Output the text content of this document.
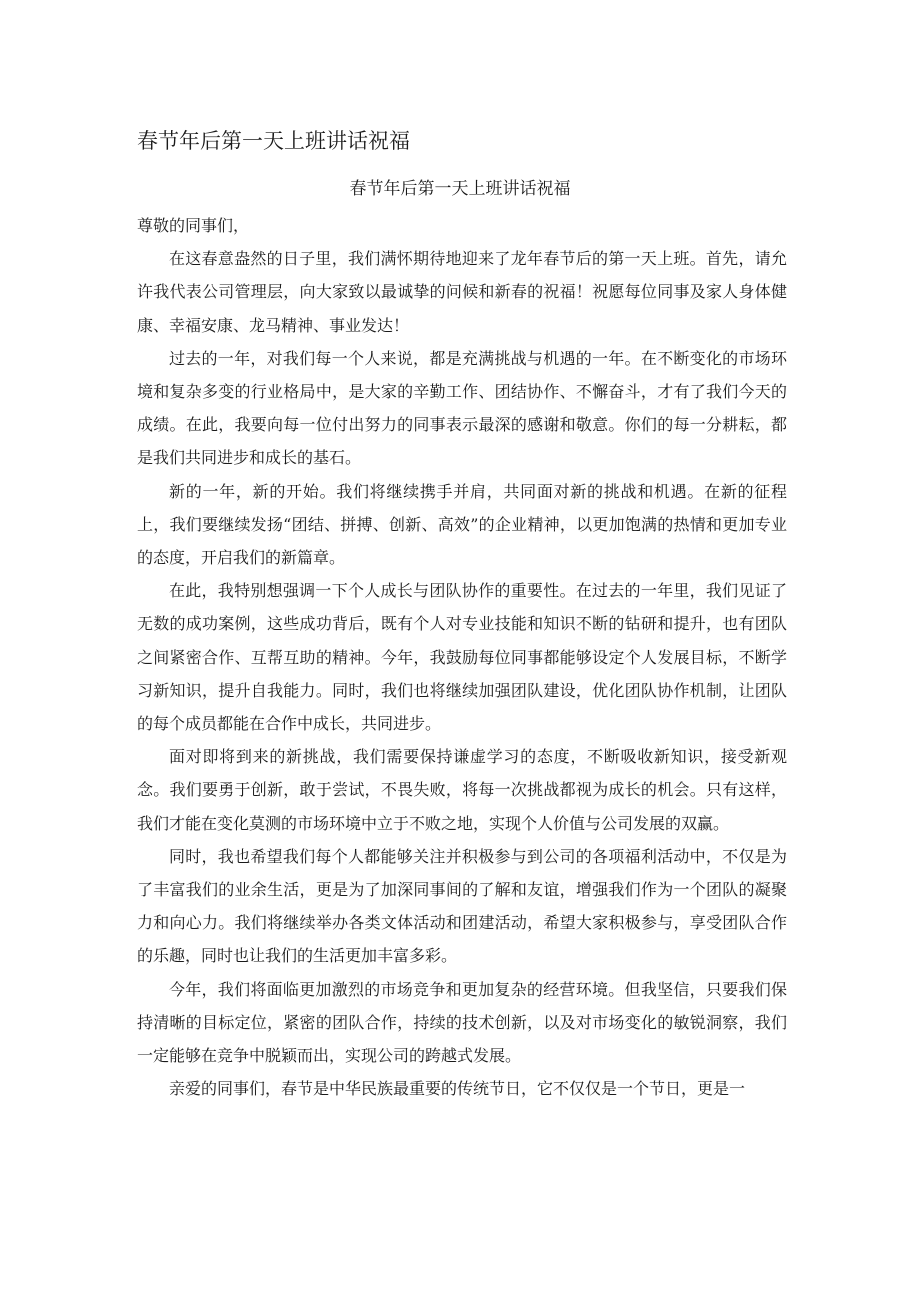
春节年后第一天上班讲话祝福
春节年后第一天上班讲话祝福

尊敬的同事们，

在这春意盎然的日子里，我们满怀期待地迎来了龙年春节后的第一天上班。首先，请允许我代表公司管理层，向大家致以最诚挚的问候和新春的祝福！祝愿每位同事及家人身体健康、幸福安康、龙马精神、事业发达！

过去的一年，对我们每一个人来说，都是充满挑战与机遇的一年。在不断变化的市场环境和复杂多变的行业格局中，是大家的辛勤工作、团结协作、不懈奋斗，才有了我们今天的成绩。在此，我要向每一位付出努力的同事表示最深的感谢和敬意。你们的每一分耕耘，都是我们共同进步和成长的基石。

新的一年，新的开始。我们将继续携手并肩，共同面对新的挑战和机遇。在新的征程上，我们要继续发扬“团结、拼搏、创新、高效”的企业精神，以更加饱满的热情和更加专业的态度，开启我们的新篇章。

在此，我特别想强调一下个人成长与团队协作的重要性。在过去的一年里，我们见证了无数的成功案例，这些成功背后，既有个人对专业技能和知识不断的钻研和提升，也有团队之间紧密合作、互帮互助的精神。今年，我鼓励每位同事都能够设定个人发展目标，不断学习新知识，提升自我能力。同时，我们也将继续加强团队建设，优化团队协作机制，让团队的每个成员都能在合作中成长，共同进步。

面对即将到来的新挑战，我们需要保持谦虚学习的态度，不断吸收新知识，接受新观念。我们要勇于创新，敢于尝试，不畏失败，将每一次挑战都视为成长的机会。只有这样，我们才能在变化莫测的市场环境中立于不败之地，实现个人价值与公司发展的双赢。

同时，我也希望我们每个人都能够关注并积极参与到公司的各项福利活动中，不仅是为了丰富我们的业余生活，更是为了加深同事间的了解和友谊，增强我们作为一个团队的凝聚力和向心力。我们将继续举办各类文体活动和团建活动，希望大家积极参与，享受团队合作的乐趣，同时也让我们的生活更加丰富多彩。

今年，我们将面临更加激烈的市场竞争和更加复杂的经营环境。但我坚信，只要我们保持清晰的目标定位，紧密的团队合作，持续的技术创新，以及对市场变化的敏锐洞察，我们一定能够在竞争中脱颖而出，实现公司的跨越式发展。

亲爱的同事们，春节是中华民族最重要的传统节日，它不仅仅是一个节日，更是一
